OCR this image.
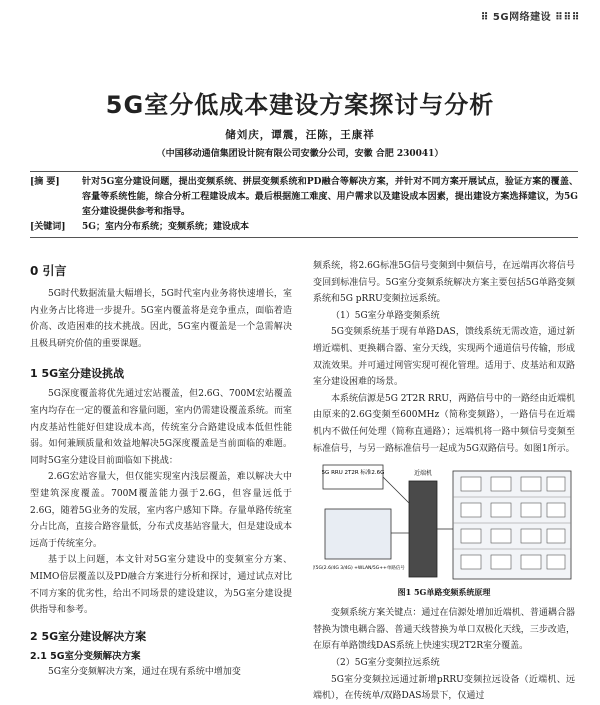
⠿ 5G网络建设 ⠿⠿⠿
5G室分低成本建设方案探讨与分析
储刘庆，谭震，汪陈，王康祥
（中国移动通信集团设计院有限公司安徽分公司，安徽 合肥 230041）
[摘 要]	针对5G室分建设问题，提出变频系统、拼层变频系统和PD融合等解决方案，并针对不同方案开展试点，验证方案的覆盖、容量等系统性能，综合分析工程建设成本。最后根据施工难度、用户需求以及建设成本因素，提出建设方案选择建议，为5G室分建设提供参考和指导。
[关键词]	5G；室内分布系统；变频系统；建设成本
0 引言

5G时代数据流量大幅增长，5G时代室内业务将快速增长，室内业务占比将进一步提升。5G室内覆盖将是竞争重点，面临着造价高、改造困难的技术挑战。因此，5G室内覆盖是一个急需解决且极具研究价值的重要课题。

1 5G室分建设挑战

5G深度覆盖将优先通过宏站覆盖，但2.6G、700M宏站覆盖室内均存在一定的覆盖和容量问题，室内仍需建设覆盖系统。而室内皮基站性能好但建设成本高，传统室分合路建设成本低但性能弱。如何兼顾质量和效益地解决5G深度覆盖是当前面临的难题。同时5G室分建设目前面临如下挑战：

2.6G宏站容量大，但仅能实现室内浅层覆盖，难以解决大中型建筑深度覆盖。700M覆盖能力强于2.6G，但容量远低于2.6G，随着5G业务的发展，室内客户感知下降。存量单路传统室分占比高，直接合路容量低，分布式皮基站容量大，但是建设成本远高于传统室分。

基于以上问题，本文针对5G室分建设中的变频室分方案、MIMO倍层覆盖以及PD融合方案进行分析和探讨，通过试点对比不同方案的优劣性，给出不同场景的建设建议，为5G室分建设提供指导和参考。

2 5G室分建设解决方案
2.1 5G室分变频解决方案

5G室分变频解决方案，通过在现有系统中增加变

频系统，将2.6G标准5G信号变频到中频信号，在远端再次将信号变回到标准信号。5G室分变频系统解决方案主要包括5G单路变频系统和5G pRRU变频拉远系统。

（1）5G室分单路变频系统

5G变频系统基于现有单路DAS，馈线系统无需改造，通过新增近端机、更换耦合器、室分天线，实现两个通道信号传输，形成双流效果。并可通过网管实现可视化管理。适用于、皮基站和双路室分建设困难的场景。

本系统信源是5G 2T2R RRU，两路信号中的一路经由近端机由原来的2.6G变频至600MHz（简称变频路），一路信号在近端机内不做任何处理（简称直通路）；远端机将一路中频信号变频至标准信号，与另一路标准信号一起成为5G双路信号。如图1所示。

5G RRU 2T2R 标准2.6G	近端机
原5G(2.6/4G 3/4G) +WLAN/5G++单路信号
图1 5G单路变频系统原理

变频系统方案关键点：通过在信源处增加近端机、普通耦合器替换为馈电耦合器、普通天线替换为单口双极化天线，三步改造，在原有单路馈线DAS系统上快速实现2T2R室分覆盖。

（2）5G室分变频拉远系统

5G室分变频拉远通过新增pRRU变频拉远设备（近端机、远端机），在传统单/双路DAS场景下，仅通过
